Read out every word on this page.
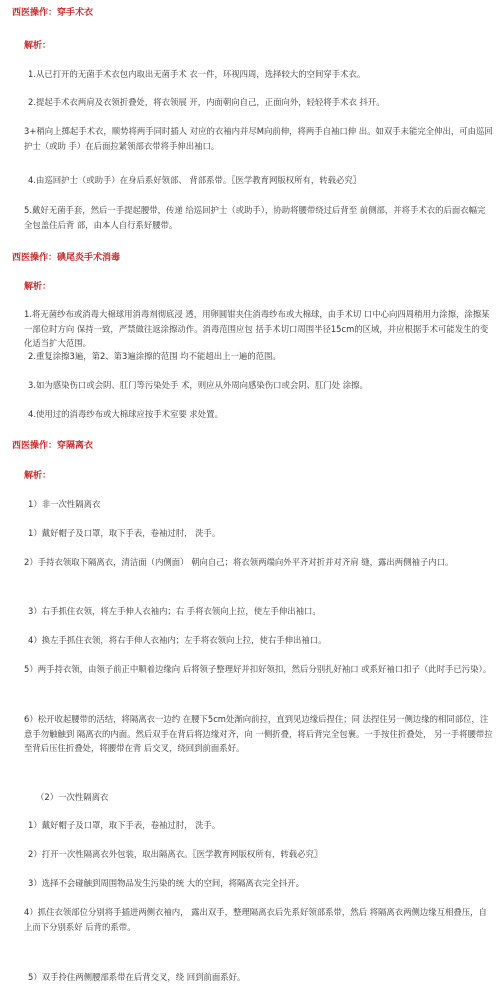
西医操作：穿手术衣
解析：
1.从已打开的无菌手术衣包内取出无菌手术 衣一件，环视四周，选择较大的空间穿手术衣。
2.提起手术衣两肩及衣领折叠处，将衣领展 开，内面朝向自己，正面向外，轻轻将手术衣 抖开。
3+稍向上掷起手术衣，顺势将两手同时插人 对应的衣袖内并尽M向前伸，将两手自袖口伸 出。如双手未能完全伸出，可由巡回护士（或助 手）在后面拉紧领部衣带将手伸出袖口。
4.由巡回护士（或助手）在身后系好领部、 背部系带。〖医学教育网版权所有，转载必究〗
5.戴好无菌手套，然后一手提起腰带，传递 给巡回护士（或助手），协助将腰带绕过后背至 前侧部，并将手术衣的后面衣幅完全包盖住后背 部，由本人自行系好腰带。
西医操作：碘尾炎手术消毒
解析：
1.将无菌纱布或消毒大棉球用消毒剂彻底浸 透，用卵圆钳夹住消毒纱布或大棉球，由手术切 口中心向四周稍用力涂擦，涂擦某一部位时方向 保持一致，严禁做往返涂擦动作。消毒范围应包 括手术切口周围半径15cm的区域，并应根据手术可能发生的变化适当扩大范围。
2.重复涂擦3遍，第2、第3遍涂擦的范围 均不能超出上一遍的范围。
3.如为感染伤口或会阴、肛门等污染处手 术，则应从外周向感染伤口或会阴、肛门处 涂擦。
4.使用过的消毒纱布或大棉球应按手术室要 求处置。
西医操作：穿隔离衣
解析：
1）非一次性隔离衣
1）戴好帽子及口罩，取下手表，卷袖过肘， 洗手。
2）手持衣领取下隔离衣，清洁面（内侧面） 朝向自己；将衣领两端向外平齐对折并对齐肩 缝，露出两侧袖子内口。
3）右手抓住衣领，将左手伸人衣袖内；右 手将衣领向上拉，使左手伸出袖口。
4）换左手抓住衣领，将右手伸人衣袖内；左手将衣领向上拉，使右手伸出袖口。
5）两手持衣领，由领子前正中顺着边缘向 后将领子整理好并扣好领扣，然后分别扎好袖口 或系好袖口扣子（此时手已污染）。
6）松开收起腰带的活结，将隔离衣一边约 在腰下5cm处渐向前拉，直到见边缘后捏住；同 法捏住另一侧边缘的相同部位，注意手勿触触到 隔离衣的内面。然后双手在背后将边缘对齐，向 一侧折叠，将后背完全包裹。一手按住折叠处， 另一手将腰带拉至背后压住折叠处，将腰带在背 后交叉，绕回到前面系好。
（2）一次性隔离衣
1）戴好帽子及口罩，取下手表，卷袖过肘， 洗手。
2）打开一次性隔离衣外包装，取出隔离衣。〖医学教育网版权所有，转载必究〗
3）选择不会碰触到周围物品发生污染的统 大的空间，将隔离衣完全抖开。
4）抓住衣领部位分别将手插进两侧衣袖内， 露出双手，整理隔离衣后先系好领部系带，然后 将隔离衣两侧边缘互相叠压，自上而下分别系好 后背的系带。
5）双手拎住两侧腰部系带在后背交叉，绕 回到前面系好。
